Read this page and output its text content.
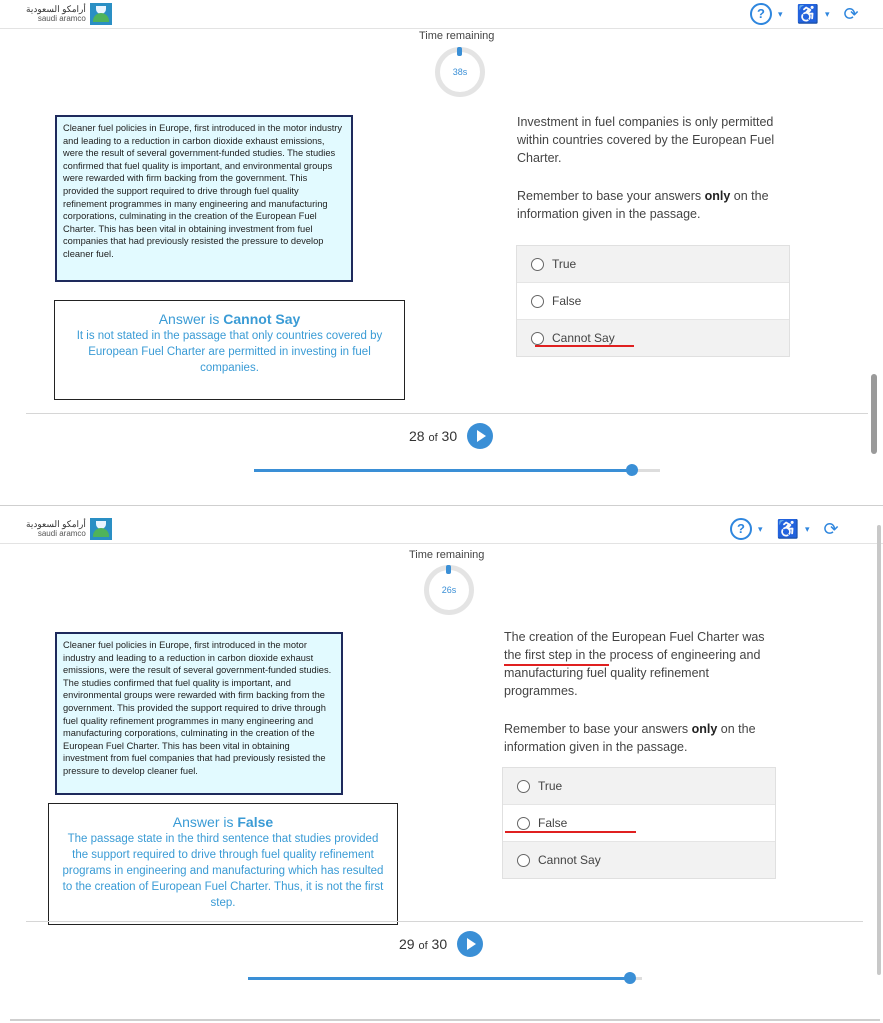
أرامكو السعودية
saudi aramco	?	▾ ♿ ▾ ⟳
Time remaining
38s
Cleaner fuel policies in Europe, first introduced in the motor industry and leading to a reduction in carbon dioxide exhaust emissions, were the result of several government-funded studies. The studies confirmed that fuel quality is important, and environmental groups were rewarded with firm backing from the government. This provided the support required to drive through fuel quality refinement programmes in many engineering and manufacturing corporations, culminating in the creation of the European Fuel Charter. This has been vital in obtaining investment from fuel companies that had previously resisted the pressure to develop cleaner fuel.
Answer is Cannot Say
It is not stated in the passage that only countries covered by European Fuel Charter are permitted in investing in fuel companies.

Investment in fuel companies is only permitted within countries covered by the European Fuel Charter.

Remember to base your answers only on the information given in the passage.

True
False
Cannot Say
28 of 30
أرامكو السعودية
saudi aramco	?	▾ ♿ ▾ ⟳
Time remaining
26s
Cleaner fuel policies in Europe, first introduced in the motor industry and leading to a reduction in carbon dioxide exhaust emissions, were the result of several government-funded studies. The studies confirmed that fuel quality is important, and environmental groups were rewarded with firm backing from the government. This provided the support required to drive through fuel quality refinement programmes in many engineering and manufacturing corporations, culminating in the creation of the European Fuel Charter. This has been vital in obtaining investment from fuel companies that had previously resisted the pressure to develop cleaner fuel.
Answer is False
The passage state in the third sentence that studies provided the support required to drive through fuel quality refinement programs in engineering and manufacturing which has resulted to the creation of European Fuel Charter. Thus, it is not the first step.

The creation of the European Fuel Charter was the first step in the process of engineering and manufacturing fuel quality refinement programmes.

Remember to base your answers only on the information given in the passage.

True
False
Cannot Say
29 of 30
